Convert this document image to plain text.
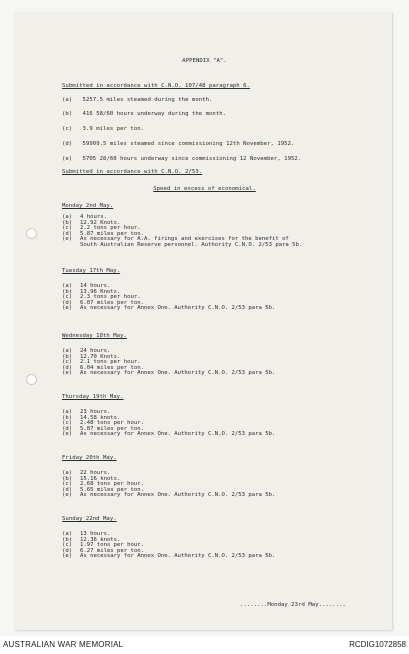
APPENDIX "A".
Submitted in accordance with C.N.O. 107/48 paragraph 6.
(a) 5257.5 miles steamed during the month.
(b) 416 58/60 hours underway during the month.
(c) 3.9 miles per ton.
(d) 59909.5 miles steamed since commissioning 12th November, 1952.
(e) 5705 28/60 hours underway since commissioning 12 November, 1952.
Submitted in accordance with C.N.O. 2/53.
Speed in excess of economical.
Monday 2nd May.
(a) 4 hours.
(b) 12.92 Knots.
(c) 2.2 tons per hour.
(d) 5.87 miles per ton.
(e) As necessary for A.A. firings and exercises for the benefit of
South Australian Reserve personnel. Authority C.N.O. 2/53 para 5b.
Tuesday 17th May.
(a) 14 hours.
(b) 13.96 Knots.
(c) 2.3 tons per hour.
(d) 6.07 miles per ton.
(e) As necessary for Annex One. Authority C.N.O. 2/53 para 5b.
Wednesday 18th May.
(a) 24 hours.
(b) 12.70 Knots.
(c) 2.1 tons per hour.
(d) 6.04 miles per ton.
(e) As necessary for Annex One. Authority C.N.O. 2/53 para 5b.
Thursday 19th May.
(a) 23 hours.
(b) 14.58 knots.
(c) 2.48 tons per hour.
(d) 5.87 miles per ton.
(e) As necessary for Annex One. Authority C.N.O. 2/53 para 5b.
Friday 20th May.
(a) 22 hours.
(b) 15.16 knots.
(c) 2.68 tons per hour.
(d) 5.65 miles per ton.
(e) As necessary for Annex One. Authority C.N.O. 2/53 para 5b.
Sunday 22nd May.
(a) 13 hours.
(b) 12.36 knots.
(c) 1.97 tons per hour.
(d) 6.27 miles per ton.
(e) As necessary for Annex One. Authority C.N.O. 2/53 para 5b.
........Monday 23rd May........
AUSTRALIAN WAR MEMORIAL	RCDIG1072858
